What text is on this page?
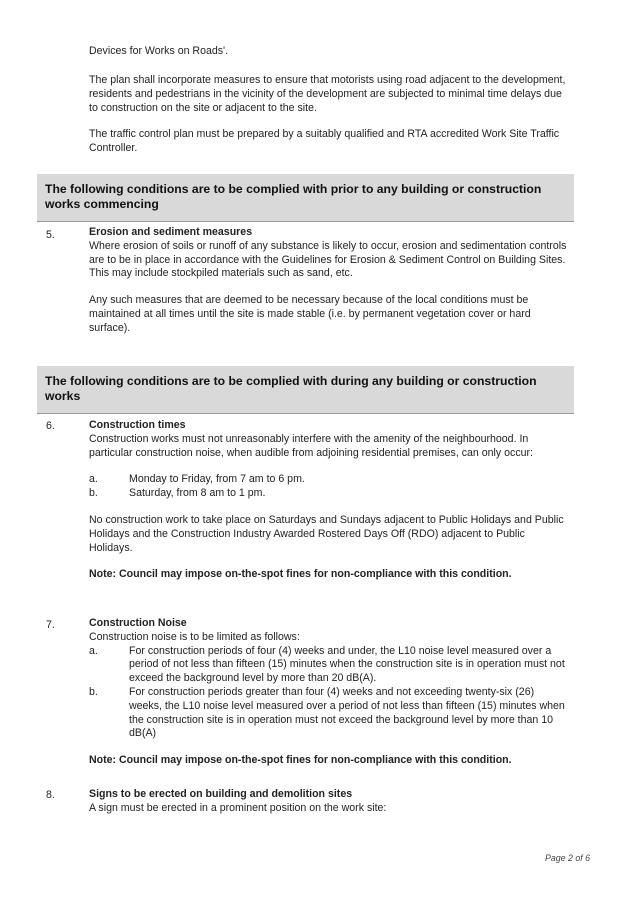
Devices for Works on Roads'.

The plan shall incorporate measures to ensure that motorists using road adjacent to the development, residents and pedestrians in the vicinity of the development are subjected to minimal time delays due to construction on the site or adjacent to the site.

The traffic control plan must be prepared by a suitably qualified and RTA accredited Work Site Traffic Controller.

The following conditions are to be complied with prior to any building or construction works commencing
5.	Erosion and sediment measures

Where erosion of soils or runoff of any substance is likely to occur, erosion and sedimentation controls are to be in place in accordance with the Guidelines for Erosion & Sediment Control on Building Sites. This may include stockpiled materials such as sand, etc.

Any such measures that are deemed to be necessary because of the local conditions must be maintained at all times until the site is made stable (i.e. by permanent vegetation cover or hard surface).

The following conditions are to be complied with during any building or construction works
6.	Construction times

Construction works must not unreasonably interfere with the amenity of the neighbourhood. In particular construction noise, when audible from adjoining residential premises, can only occur:

a.	Monday to Friday, from 7 am to 6 pm.
b.	Saturday, from 8 am to 1 pm.

No construction work to take place on Saturdays and Sundays adjacent to Public Holidays and Public Holidays and the Construction Industry Awarded Rostered Days Off (RDO) adjacent to Public Holidays.

Note: Council may impose on-the-spot fines for non-compliance with this condition.

7.	Construction Noise

Construction noise is to be limited as follows:

a.	For construction periods of four (4) weeks and under, the L10 noise level measured over a period of not less than fifteen (15) minutes when the construction site is in operation must not exceed the background level by more than 20 dB(A).
b.	For construction periods greater than four (4) weeks and not exceeding twenty-six (26) weeks, the L10 noise level measured over a period of not less than fifteen (15) minutes when the construction site is in operation must not exceed the background level by more than 10 dB(A)

Note: Council may impose on-the-spot fines for non-compliance with this condition.

8.	Signs to be erected on building and demolition sites

A sign must be erected in a prominent position on the work site:

Page 2 of 6
